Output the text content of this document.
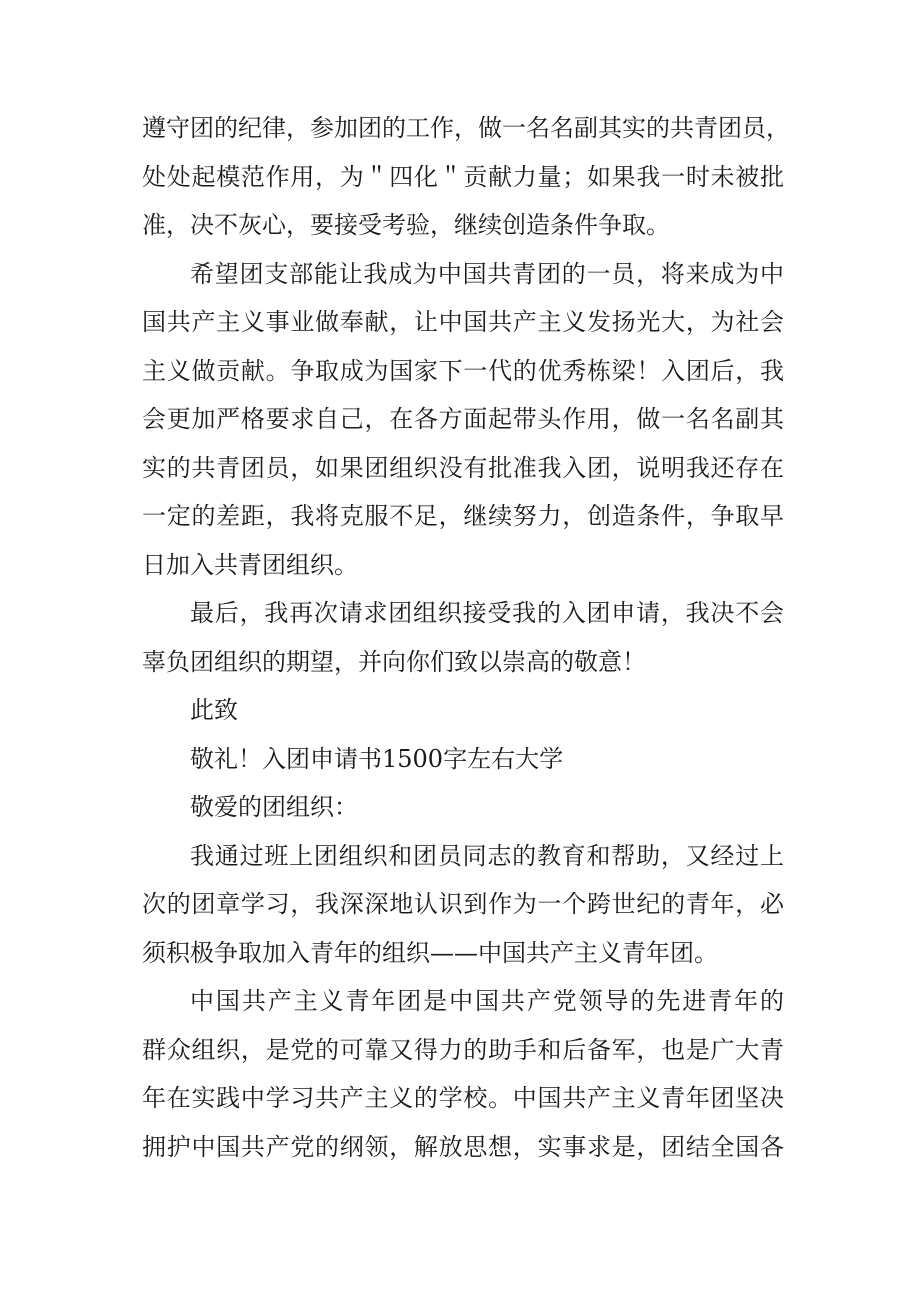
遵守团的纪律，参加团的工作，做一名名副其实的共青团员，
处处起模范作用，为＂四化＂贡献力量；如果我一时未被批
准，决不灰心，要接受考验，继续创造条件争取。
希望团支部能让我成为中国共青团的一员，将来成为中
国共产主义事业做奉献，让中国共产主义发扬光大，为社会
主义做贡献。争取成为国家下一代的优秀栋梁！入团后，我
会更加严格要求自己，在各方面起带头作用，做一名名副其
实的共青团员，如果团组织没有批准我入团，说明我还存在
一定的差距，我将克服不足，继续努力，创造条件，争取早
日加入共青团组织。
最后，我再次请求团组织接受我的入团申请，我决不会
辜负团组织的期望，并向你们致以崇高的敬意！
此致
敬礼！入团申请书1500字左右大学
敬爱的团组织：
我通过班上团组织和团员同志的教育和帮助，又经过上
次的团章学习，我深深地认识到作为一个跨世纪的青年，必
须积极争取加入青年的组织——中国共产主义青年团。
中国共产主义青年团是中国共产党领导的先进青年的
群众组织，是党的可靠又得力的助手和后备军，也是广大青
年在实践中学习共产主义的学校。中国共产主义青年团坚决
拥护中国共产党的纲领，解放思想，实事求是，团结全国各
